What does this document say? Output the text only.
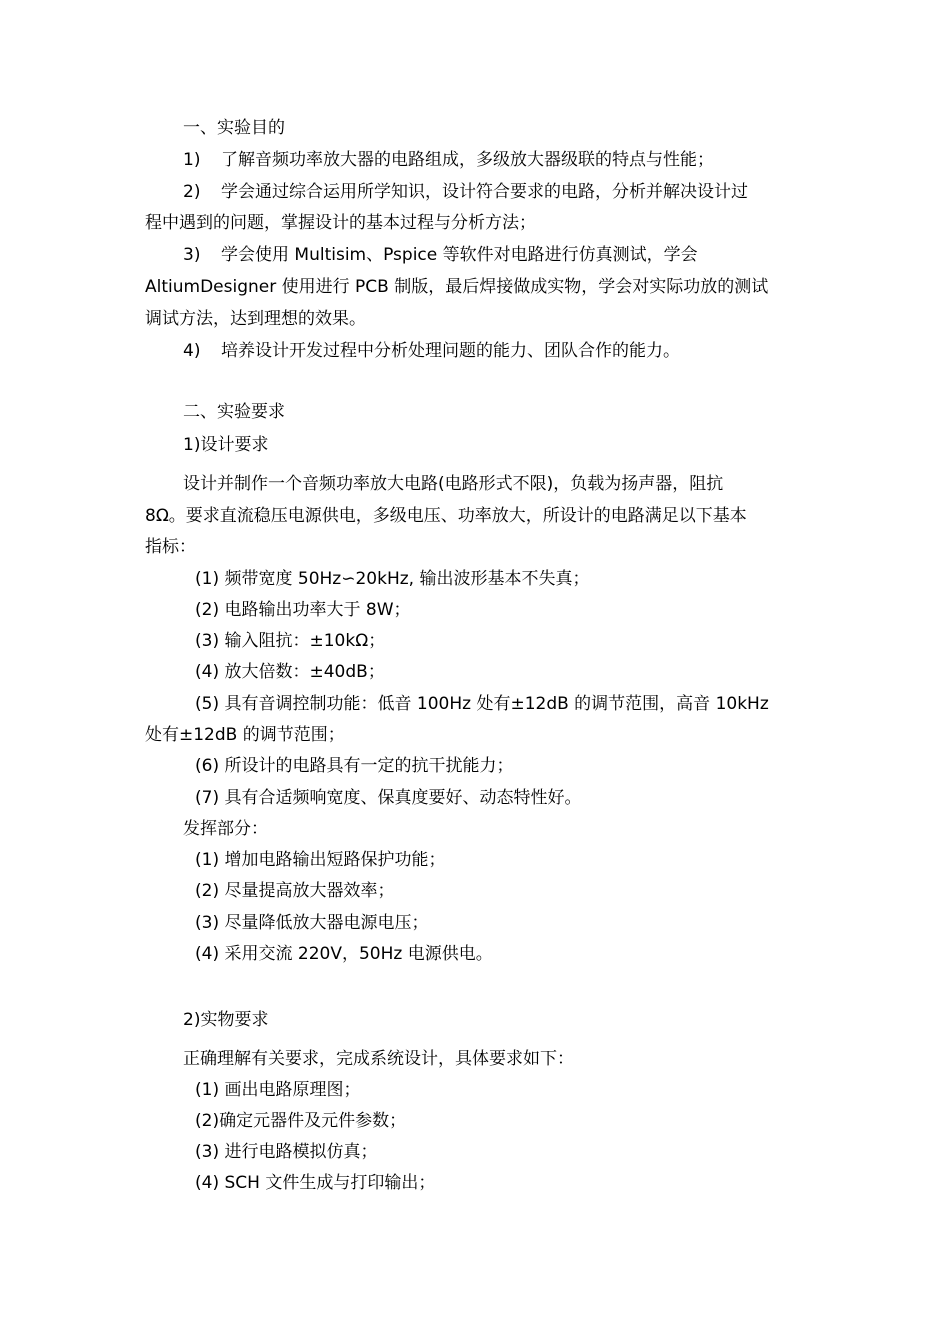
一、实验目的
1) 了解音频功率放大器的电路组成，多级放大器级联的特点与性能；
2) 学会通过综合运用所学知识，设计符合要求的电路，分析并解决设计过
程中遇到的问题，掌握设计的基本过程与分析方法；
3) 学会使用 Multisim、Pspice 等软件对电路进行仿真测试，学会
AltiumDesigner 使用进行 PCB 制版，最后焊接做成实物，学会对实际功放的测试
调试方法，达到理想的效果。
4) 培养设计开发过程中分析处理问题的能力、团队合作的能力。
二、实验要求
1)设计要求
设计并制作一个音频功率放大电路(电路形式不限)，负载为扬声器，阻抗
8Ω。要求直流稳压电源供电，多级电压、功率放大，所设计的电路满足以下基本
指标：
(1) 频带宽度 50Hz∽20kHz, 输出波形基本不失真；
(2) 电路输出功率大于 8W；
(3) 输入阻抗：±10kΩ；
(4) 放大倍数：±40dB；
(5) 具有音调控制功能：低音 100Hz 处有±12dB 的调节范围，高音 10kHz
处有±12dB 的调节范围；
(6) 所设计的电路具有一定的抗干扰能力；
(7) 具有合适频响宽度、保真度要好、动态特性好。
发挥部分：
(1) 增加电路输出短路保护功能；
(2) 尽量提高放大器效率；
(3) 尽量降低放大器电源电压；
(4) 采用交流 220V，50Hz 电源供电。
2)实物要求
正确理解有关要求，完成系统设计，具体要求如下：
(1) 画出电路原理图；
(2)确定元器件及元件参数；
(3) 进行电路模拟仿真；
(4) SCH 文件生成与打印输出；
